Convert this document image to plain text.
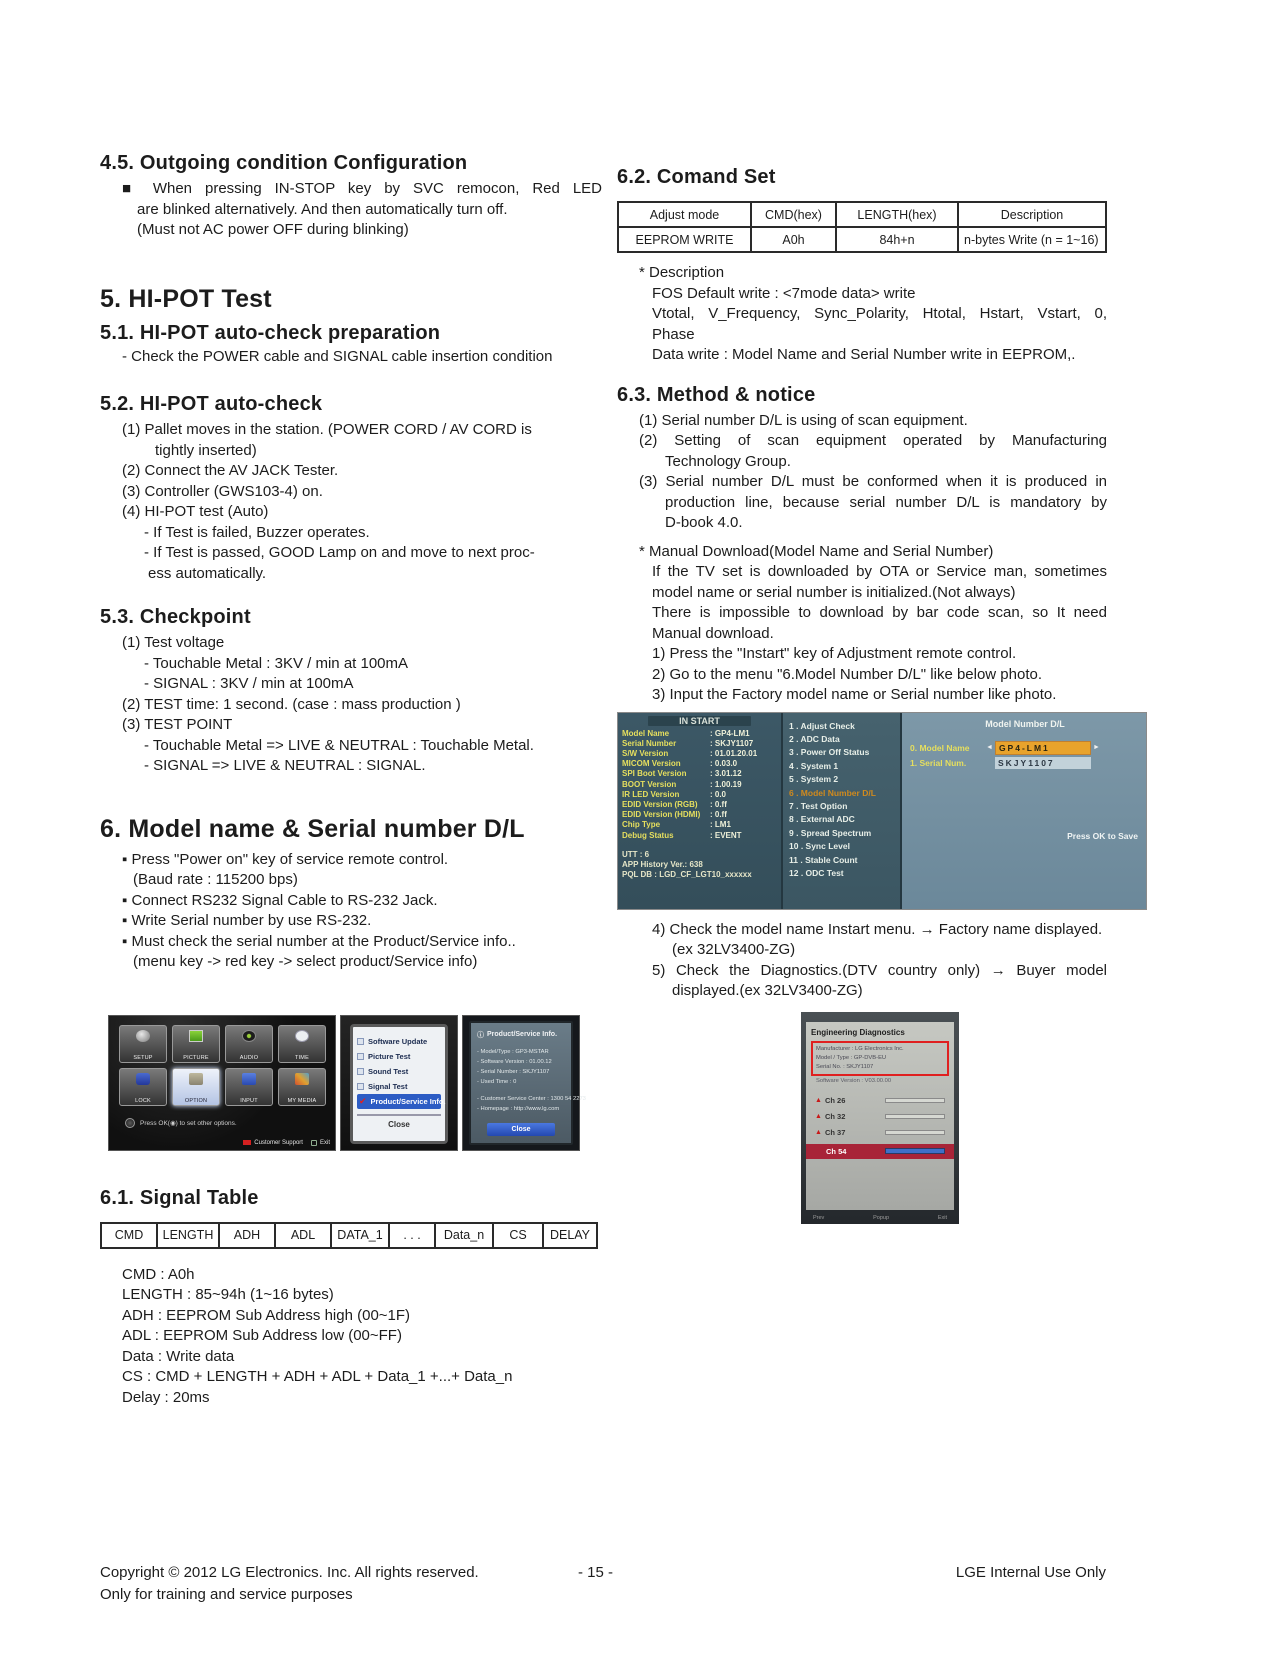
4.5. Outgoing condition Configuration
■ When pressing IN-STOP key by SVC remocon, Red LED
are blinked alternatively. And then automatically turn off.
(Must not AC power OFF during blinking)
5. HI-POT Test
5.1. HI-POT auto-check preparation
- Check the POWER cable and SIGNAL cable insertion condition
5.2. HI-POT auto-check
(1) Pallet moves in the station. (POWER CORD / AV CORD is
tightly inserted)
(2) Connect the AV JACK Tester.
(3) Controller (GWS103-4) on.
(4) HI-POT test (Auto)
- If Test is failed, Buzzer operates.
- If Test is passed, GOOD Lamp on and move to next proc-
ess automatically.
5.3. Checkpoint
(1) Test voltage
- Touchable Metal : 3KV / min at 100mA
- SIGNAL : 3KV / min at 100mA
(2) TEST time: 1 second. (case : mass production )
(3) TEST POINT
- Touchable Metal => LIVE & NEUTRAL : Touchable Metal.
- SIGNAL => LIVE & NEUTRAL : SIGNAL.
6. Model name & Serial number D/L
▪ Press "Power on" key of service remote control.
(Baud rate : 115200 bps)
▪ Connect RS232 Signal Cable to RS-232 Jack.
▪ Write Serial number by use RS-232.
▪ Must check the serial number at the Product/Service info..
(menu key -> red key -> select product/Service info)
SETUP	PICTURE	AUDIO	TIME
LOCK	OPTION	INPUT	MY MEDIA
Press OK(◉) to set other options.
Customer Support	Exit
Software Update
Picture Test
Sound Test
Signal Test
✔ Product/Service Info.
Close
ⓘ Product/Service Info.
- Model/Type : GP3-MSTAR
- Software Version : 01.00.12
- Serial Number : SKJY1107
- Used Time : 0
- Customer Service Center : 1300 54 2273
- Homepage : http://www.lg.com
Close
6.1. Signal Table
CMD	LENGTH	ADH	ADL	DATA_1	. . .	Data_n	CS	DELAY
CMD : A0h
LENGTH : 85~94h (1~16 bytes)
ADH : EEPROM Sub Address high (00~1F)
ADL : EEPROM Sub Address low (00~FF)
Data : Write data
CS : CMD + LENGTH + ADH + ADL + Data_1 +...+ Data_n
Delay : 20ms
6.2. Comand Set
Adjust mode	CMD(hex)	LENGTH(hex)	Description
EEPROM WRITE	A0h	84h+n	n-bytes Write (n = 1~16)
* Description
FOS Default write : <7mode data> write
Vtotal, V_Frequency, Sync_Polarity, Htotal, Hstart, Vstart, 0,
Phase
Data write : Model Name and Serial Number write in EEPROM,.
6.3. Method & notice
(1) Serial number D/L is using of scan equipment.
(2) Setting of scan equipment operated by Manufacturing
Technology Group.
(3) Serial number D/L must be conformed when it is produced in
production line, because serial number D/L is mandatory by
D-book 4.0.
* Manual Download(Model Name and Serial Number)
If the TV set is downloaded by OTA or Service man, sometimes
model name or serial number is initialized.(Not always)
There is impossible to download by bar code scan, so It need
Manual download.
1) Press the "Instart" key of Adjustment remote control.
2) Go to the menu "6.Model Number D/L" like below photo.
3) Input the Factory model name or Serial number like photo.
IN START
Model Name	: GP4-LM1
Serial Number	: SKJY1107
S/W Version	: 01.01.20.01
MICOM Version	: 0.03.0
SPI Boot Version	: 3.01.12
BOOT Version	: 1.00.19
IR LED Version	: 0.0
EDID Version (RGB)	: 0.ff
EDID Version (HDMI)	: 0.ff
Chip Type	: LM1
Debug Status	: EVENT
UTT : 6
APP History Ver.: 638
PQL DB : LGD_CF_LGT10_xxxxxx
1 . Adjust Check
2 . ADC Data
3 . Power Off Status
4 . System 1
5 . System 2
6 . Model Number D/L
7 . Test Option
8 . External ADC
9 . Spread Spectrum
10 . Sync Level
11 . Stable Count
12 . ODC Test
Model Number D/L
0. Model Name	◄ GP4-LM1	►
1. Serial Num.	SKJY1107
Press OK to Save
4) Check the model name Instart menu. → Factory name displayed.
(ex 32LV3400-ZG)
5) Check the Diagnostics.(DTV country only) → Buyer model
displayed.(ex 32LV3400-ZG)
Engineering Diagnostics
Manufacturer : LG Electronics Inc.
Model / Type : GP-DVB-EU
Serial No. : SKJY1107
Software Version : V03.00.00
▲ Ch 26
▲ Ch 32
▲ Ch 37
Ch 54
Prev	Popup	Exit
Copyright © 2012 LG Electronics. Inc. All rights reserved.
Only for training and service purposes
- 15 -	LGE Internal Use Only
